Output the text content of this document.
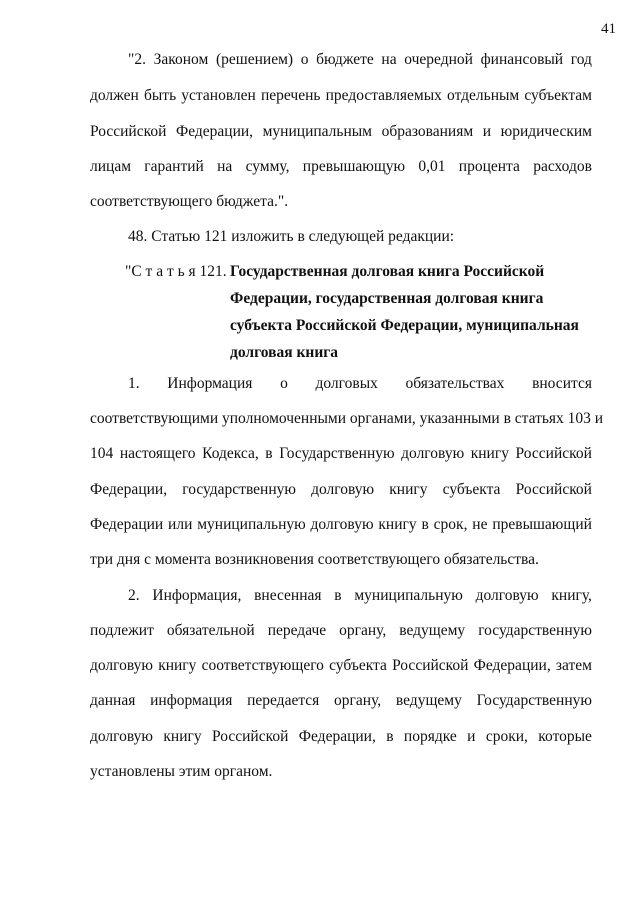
41
"2. Законом (решением) о бюджете на очередной финансовый год
должен быть установлен перечень предоставляемых отдельным субъектам
Российской Федерации, муниципальным образованиям и юридическим
лицам гарантий на сумму, превышающую 0,01 процента расходов
соответствующего бюджета.".
48. Статью 121 изложить в следующей редакции:
"С т а т ь я 121. Государственная долговая книга Российской
Федерации, государственная долговая книга
субъекта Российской Федерации, муниципальная
долговая книга
1. Информация о долговых обязательствах вносится
соответствующими уполномоченными органами, указанными в статьях 103 и
104 настоящего Кодекса, в Государственную долговую книгу Российской
Федерации, государственную долговую книгу субъекта Российской
Федерации или муниципальную долговую книгу в срок, не превышающий
три дня с момента возникновения соответствующего обязательства.
2. Информация, внесенная в муниципальную долговую книгу,
подлежит обязательной передаче органу, ведущему государственную
долговую книгу соответствующего субъекта Российской Федерации, затем
данная информация передается органу, ведущему Государственную
долговую книгу Российской Федерации, в порядке и сроки, которые
установлены этим органом.
